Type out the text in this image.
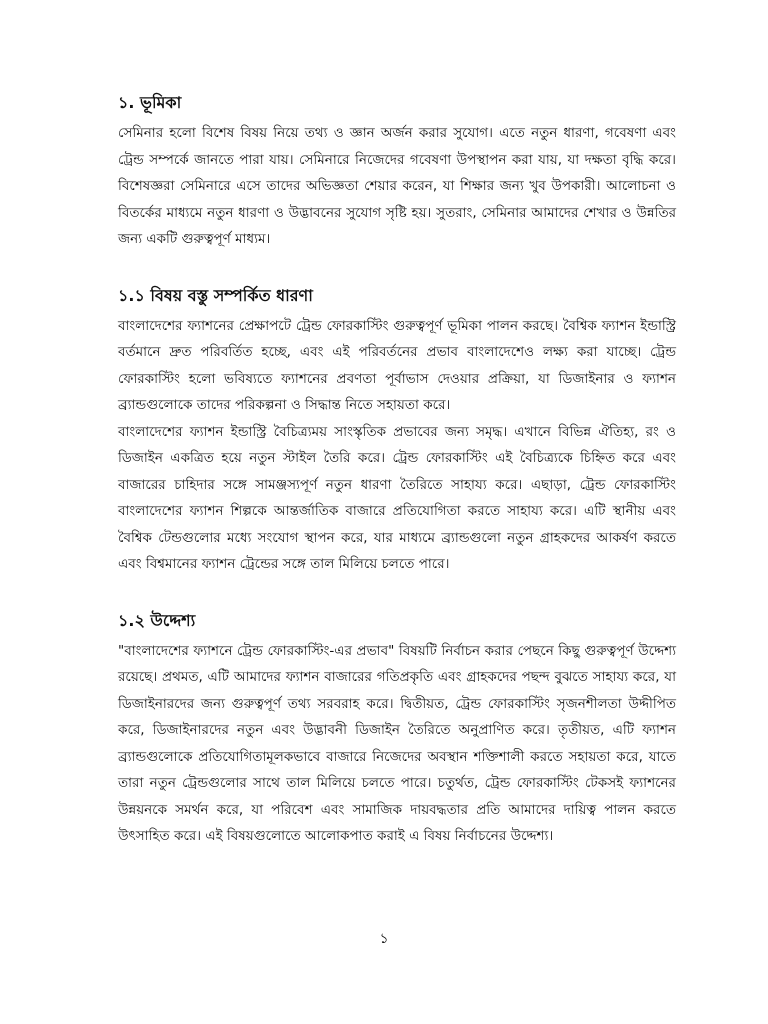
১. ভূমিকা

সেমিনার হলো বিশেষ বিষয় নিয়ে তথ্য ও জ্ঞান অর্জন করার সুযোগ। এতে নতুন ধারণা, গবেষণা এবং ট্রেন্ড সম্পর্কে জানতে পারা যায়। সেমিনারে নিজেদের গবেষণা উপস্থাপন করা যায়, যা দক্ষতা বৃদ্ধি করে। বিশেষজ্ঞরা সেমিনারে এসে তাদের অভিজ্ঞতা শেয়ার করেন, যা শিক্ষার জন্য খুব উপকারী। আলোচনা ও বিতর্কের মাধ্যমে নতুন ধারণা ও উদ্ভাবনের সুযোগ সৃষ্টি হয়। সুতরাং, সেমিনার আমাদের শেখার ও উন্নতির জন্য একটি গুরুত্বপূর্ণ মাধ্যম।

১.১ বিষয় বস্তু সম্পর্কিত ধারণা

বাংলাদেশের ফ্যাশনের প্রেক্ষাপটে ট্রেন্ড ফোরকাস্টিং গুরুত্বপূর্ণ ভূমিকা পালন করছে। বৈশ্বিক ফ্যাশন ইন্ডাস্ট্রি বর্তমানে দ্রুত পরিবর্তিত হচ্ছে, এবং এই পরিবর্তনের প্রভাব বাংলাদেশেও লক্ষ্য করা যাচ্ছে। ট্রেন্ড ফোরকাস্টিং হলো ভবিষ্যতে ফ্যাশনের প্রবণতা পূর্বাভাস দেওয়ার প্রক্রিয়া, যা ডিজাইনার ও ফ্যাশন ব্র্যান্ডগুলোকে তাদের পরিকল্পনা ও সিদ্ধান্ত নিতে সহায়তা করে।

বাংলাদেশের ফ্যাশন ইন্ডাস্ট্রি বৈচিত্র্যময় সাংস্কৃতিক প্রভাবের জন্য সমৃদ্ধ। এখানে বিভিন্ন ঐতিহ্য, রং ও ডিজাইন একত্রিত হয়ে নতুন স্টাইল তৈরি করে। ট্রেন্ড ফোরকাস্টিং এই বৈচিত্র্যকে চিহ্নিত করে এবং বাজারের চাহিদার সঙ্গে সামঞ্জস্যপূর্ণ নতুন ধারণা তৈরিতে সাহায্য করে। এছাড়া, ট্রেন্ড ফোরকাস্টিং বাংলাদেশের ফ্যাশন শিল্পকে আন্তর্জাতিক বাজারে প্রতিযোগিতা করতে সাহায্য করে। এটি স্থানীয় এবং বৈশ্বিক টেন্ডগুলোর মধ্যে সংযোগ স্থাপন করে, যার মাধ্যমে ব্র্যান্ডগুলো নতুন গ্রাহকদের আকর্ষণ করতে এবং বিশ্বমানের ফ্যাশন ট্রেন্ডের সঙ্গে তাল মিলিয়ে চলতে পারে।

১.২ উদ্দেশ্য

"বাংলাদেশের ফ্যাশনে ট্রেন্ড ফোরকাস্টিং-এর প্রভাব" বিষয়টি নির্বাচন করার পেছনে কিছু গুরুত্বপূর্ণ উদ্দেশ্য রয়েছে। প্রথমত, এটি আমাদের ফ্যাশন বাজারের গতিপ্রকৃতি এবং গ্রাহকদের পছন্দ বুঝতে সাহায্য করে, যা ডিজাইনারদের জন্য গুরুত্বপূর্ণ তথ্য সরবরাহ করে। দ্বিতীয়ত, ট্রেন্ড ফোরকাস্টিং সৃজনশীলতা উদ্দীপিত করে, ডিজাইনারদের নতুন এবং উদ্ভাবনী ডিজাইন তৈরিতে অনুপ্রাণিত করে। তৃতীয়ত, এটি ফ্যাশন ব্র্যান্ডগুলোকে প্রতিযোগিতামূলকভাবে বাজারে নিজেদের অবস্থান শক্তিশালী করতে সহায়তা করে, যাতে তারা নতুন ট্রেন্ডগুলোর সাথে তাল মিলিয়ে চলতে পারে। চতুর্থত, ট্রেন্ড ফোরকাস্টিং টেকসই ফ্যাশনের উন্নয়নকে সমর্থন করে, যা পরিবেশ এবং সামাজিক দায়বদ্ধতার প্রতি আমাদের দায়িত্ব পালন করতে উৎসাহিত করে। এই বিষয়গুলোতে আলোকপাত করাই এ বিষয় নির্বাচনের উদ্দেশ্য।

১
